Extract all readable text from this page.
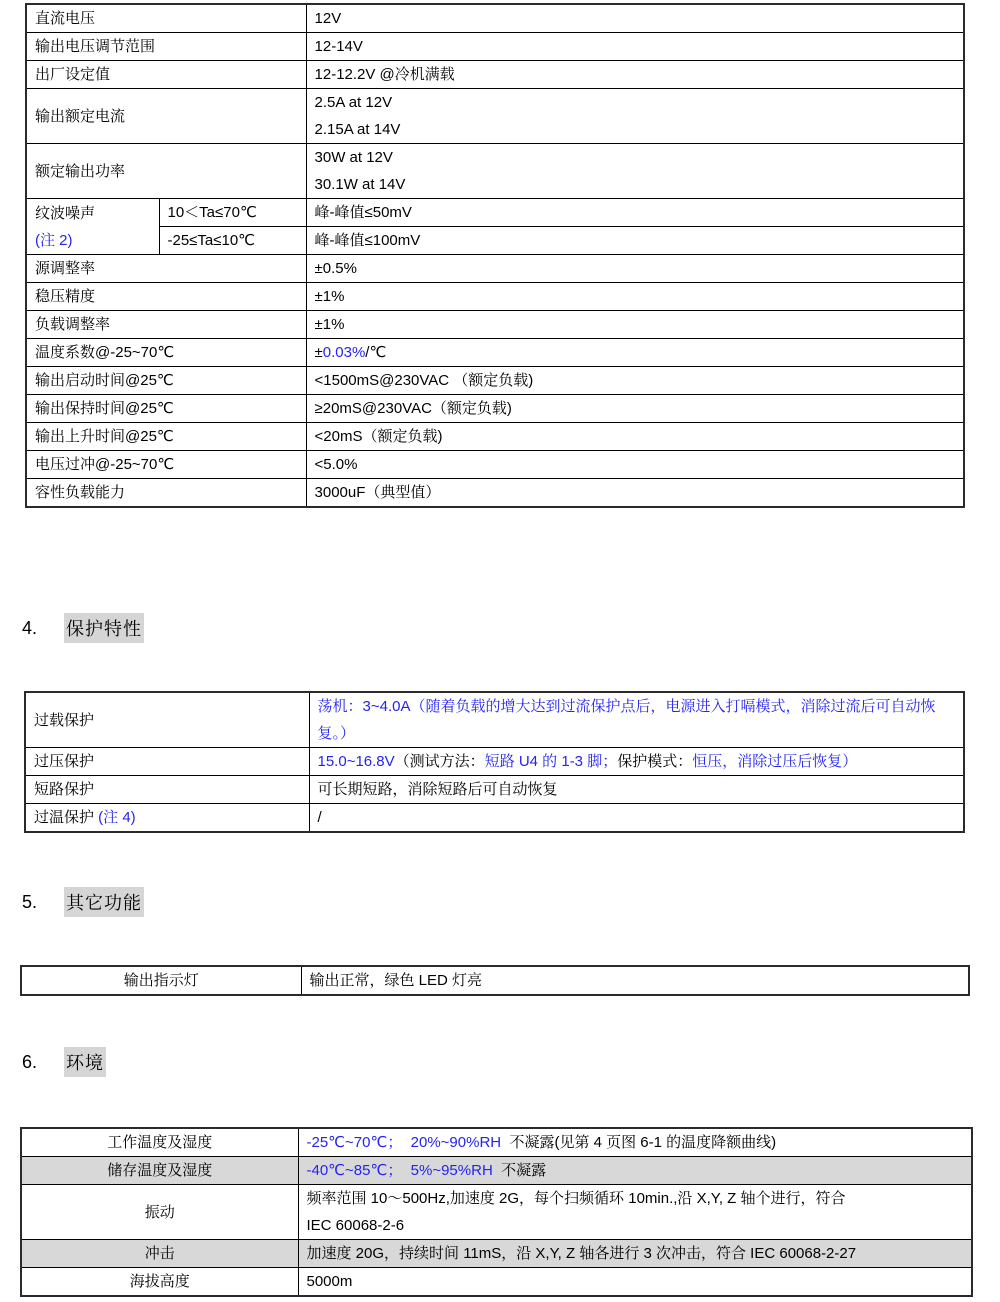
直流电压		12V

输出电压调节范围		12-14V

出厂设定值		12-12.2V @冷机满载

输出额定电流		2.5A at 12V
2.15A at 14V

额定输出功率		30W at 12V
30.1W at 14V

纹波噪声
(注 2)	10＜Ta≤70℃	峰-峰值≤50mV

	-25≤Ta≤10℃	峰-峰值≤100mV

源调整率		±0.5%

稳压精度		±1%

负载调整率		±1%

温度系数@-25~70℃		±0.03%/℃

输出启动时间@25℃		<1500mS@230VAC （额定负载)

输出保持时间@25℃		≥20mS@230VAC（额定负载)

输出上升时间@25℃		<20mS（额定负载)

电压过冲@-25~70℃		<5.0%

容性负载能力		3000uF（典型值）
4.	保护特性
过载保护	荡机：3~4.0A（随着负载的增大达到过流保护点后，电源进入打嗝模式，消除过流后可自动恢复。）

过压保护	15.0~16.8V（测试方法：短路 U4 的 1-3 脚；保护模式：恒压，消除过压后恢复）

短路保护	可长期短路，消除短路后可自动恢复

过温保护 (注 4)	/
5.	其它功能
输出指示灯	输出正常，绿色 LED 灯亮
6.	环境
工作温度及湿度	-25℃~70℃；  20%~90%RH  不凝露(见第 4 页图 6-1 的温度降额曲线)

储存温度及湿度	-40℃~85℃；  5%~95%RH  不凝露

振动	频率范围 10～500Hz,加速度 2G，每个扫频循环 10min.,沿 X,Y, Z 轴个进行，符合
IEC 60068-2-6

冲击	加速度 20G，持续时间 11mS，沿 X,Y, Z 轴各进行 3 次冲击，符合 IEC 60068-2-27

海拔高度	5000m
